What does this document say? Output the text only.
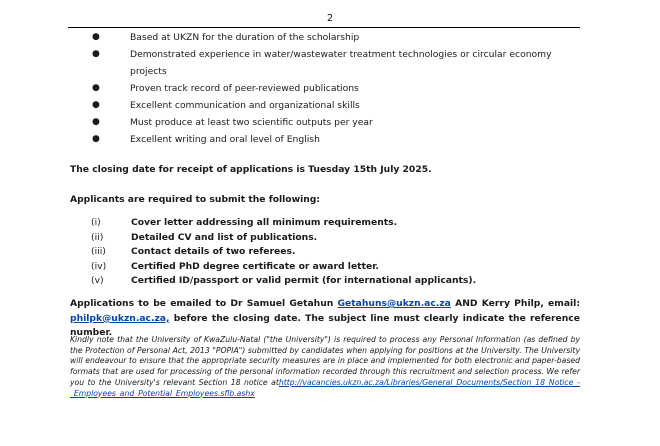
2
●	Based at UKZN for the duration of the scholarship
●	Demonstrated experience in water/wastewater treatment technologies or circular economy projects
●	Proven track record of peer-reviewed publications
●	Excellent communication and organizational skills
●	Must produce at least two scientific outputs per year
●	Excellent writing and oral level of English
The closing date for receipt of applications is Tuesday 15th July 2025.
Applicants are required to submit the following:
(i)	Cover letter addressing all minimum requirements.
(ii)	Detailed CV and list of publications.
(iii)	Contact details of two referees.
(iv)	Certified PhD degree certificate or award letter.
(v)	Certified ID/passport or valid permit (for international applicants).
Applications to be emailed to Dr Samuel Getahun Getahuns@ukzn.ac.za AND Kerry Philp, email: philpk@ukzn.ac.za, before the closing date. The subject line must clearly indicate the reference number.
Kindly note that the University of KwaZulu-Natal ("the University") is required to process any Personal Information (as defined by the Protection of Personal Act, 2013 "POPIA") submitted by candidates when applying for positions at the University. The University will endeavour to ensure that the appropriate security measures are in place and implemented for both electronic and paper-based formats that are used for processing of the personal information recorded through this recruitment and selection process. We refer you to the University's relevant Section 18 notice athttp://vacancies.ukzn.ac.za/Libraries/General_Documents/Section_18_Notice_-_Employees_and_Potential_Employees.sflb.ashx
